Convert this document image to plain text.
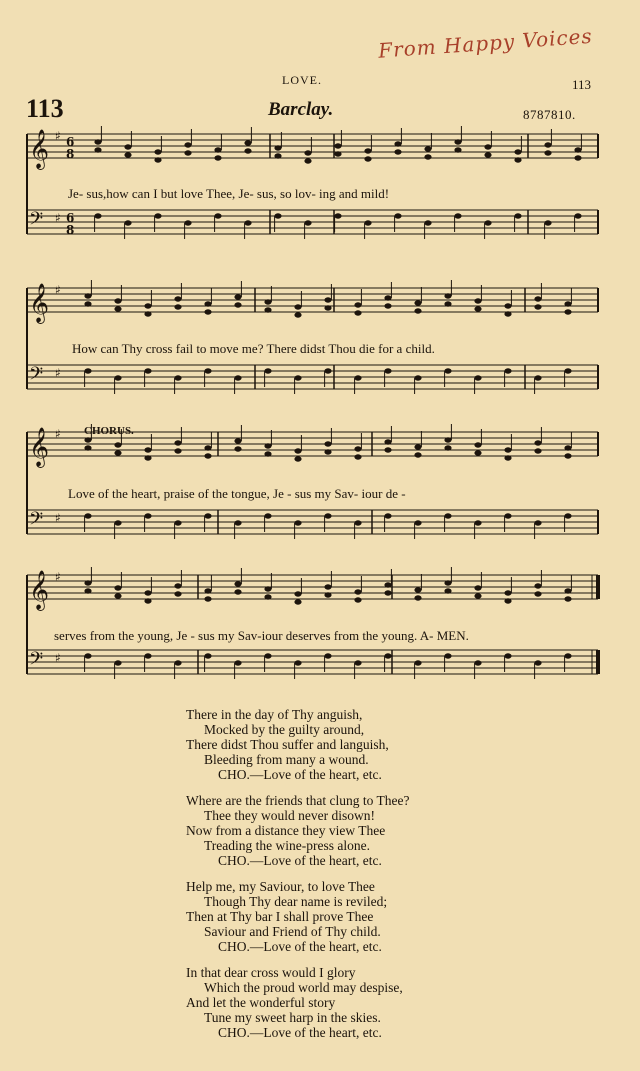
From Happy Voices
LOVE.	113
113	Barclay.	8787810.
𝄞 ♯ 6
8
𝄢 ♯ 6
8
𝄞 ♯
𝄢 ♯
𝄞 ♯
𝄢 ♯
𝄞 ♯
𝄢 ♯
CHORUS.
Je- sus,how can I but love Thee, Je- sus, so lov- ing and mild!
How can Thy cross fail to move me? There didst Thou die for a child.
Love of the heart, praise of the tongue, Je - sus my Sav- iour de -
serves from the young, Je - sus my Sav-iour deserves from the young. A- MEN.
There in the day of Thy anguish,
Mocked by the guilty around,
There didst Thou suffer and languish,
Bleeding from many a wound.
CHO.—Love of the heart, etc.
Where are the friends that clung to Thee?
Thee they would never disown!
Now from a distance they view Thee
Treading the wine-press alone.
CHO.—Love of the heart, etc.
Help me, my Saviour, to love Thee
Though Thy dear name is reviled;
Then at Thy bar I shall prove Thee
Saviour and Friend of Thy child.
CHO.—Love of the heart, etc.
In that dear cross would I glory
Which the proud world may despise,
And let the wonderful story
Tune my sweet harp in the skies.
CHO.—Love of the heart, etc.
